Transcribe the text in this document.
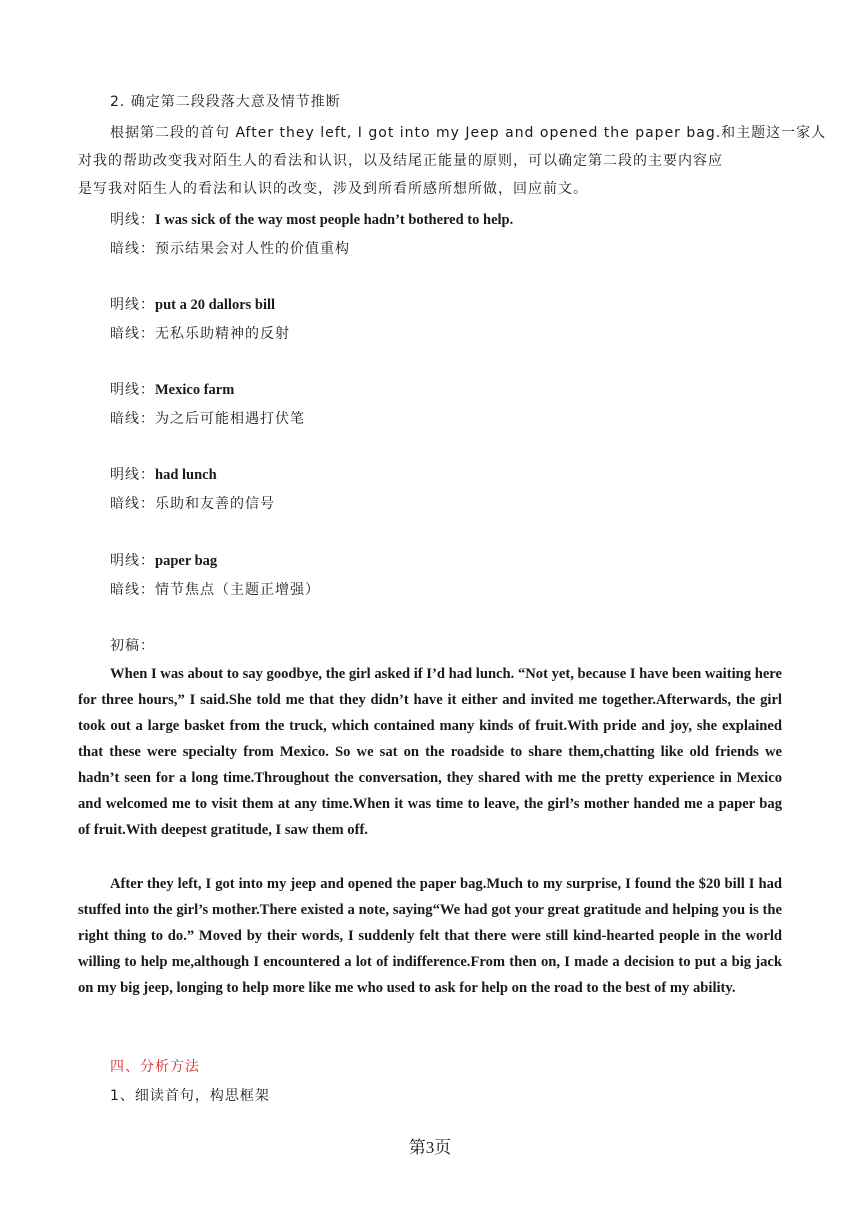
2. 确定第二段段落大意及情节推断
根据第二段的首句 After they left, I got into my Jeep and opened the paper bag.和主题这一家人
对我的帮助改变我对陌生人的看法和认识，以及结尾正能量的原则，可以确定第二段的主要内容应
是写我对陌生人的看法和认识的改变，涉及到所看所感所想所做，回应前文。
明线：I was sick of the way most people hadn’t bothered to help.
暗线：预示结果会对人性的价值重构
明线：put a 20 dallors bill
暗线：无私乐助精神的反射
明线：Mexico farm
暗线：为之后可能相遇打伏笔
明线：had lunch
暗线：乐助和友善的信号
明线：paper bag
暗线：情节焦点（主题正增强）
初稿：
When I was about to say goodbye, the girl asked if I’d had lunch. “Not yet, because I have been waiting here for three hours,” I said.She told me that they didn’t have it either and invited me together.Afterwards, the girl took out a large basket from the truck, which contained many kinds of fruit.With pride and joy, she explained that these were specialty from Mexico. So we sat on the roadside to share them,chatting like old friends we hadn’t seen for a long time.Throughout the conversation, they shared with me the pretty experience in Mexico and welcomed me to visit them at any time.When it was time to leave, the girl’s mother handed me a paper bag of fruit.With deepest gratitude, I saw them off.
After they left, I got into my jeep and opened the paper bag.Much to my surprise, I found the $20 bill I had stuffed into the girl’s mother.There existed a note, saying“We had got your great gratitude and helping you is the right thing to do.” Moved by their words, I suddenly felt that there were still kind-hearted people in the world willing to help me,although I encountered a lot of indifference.From then on, I made a decision to put a big jack on my big jeep, longing to help more like me who used to ask for help on the road to the best of my ability.
四、分析方法
1、细读首句，构思框架
第3页
